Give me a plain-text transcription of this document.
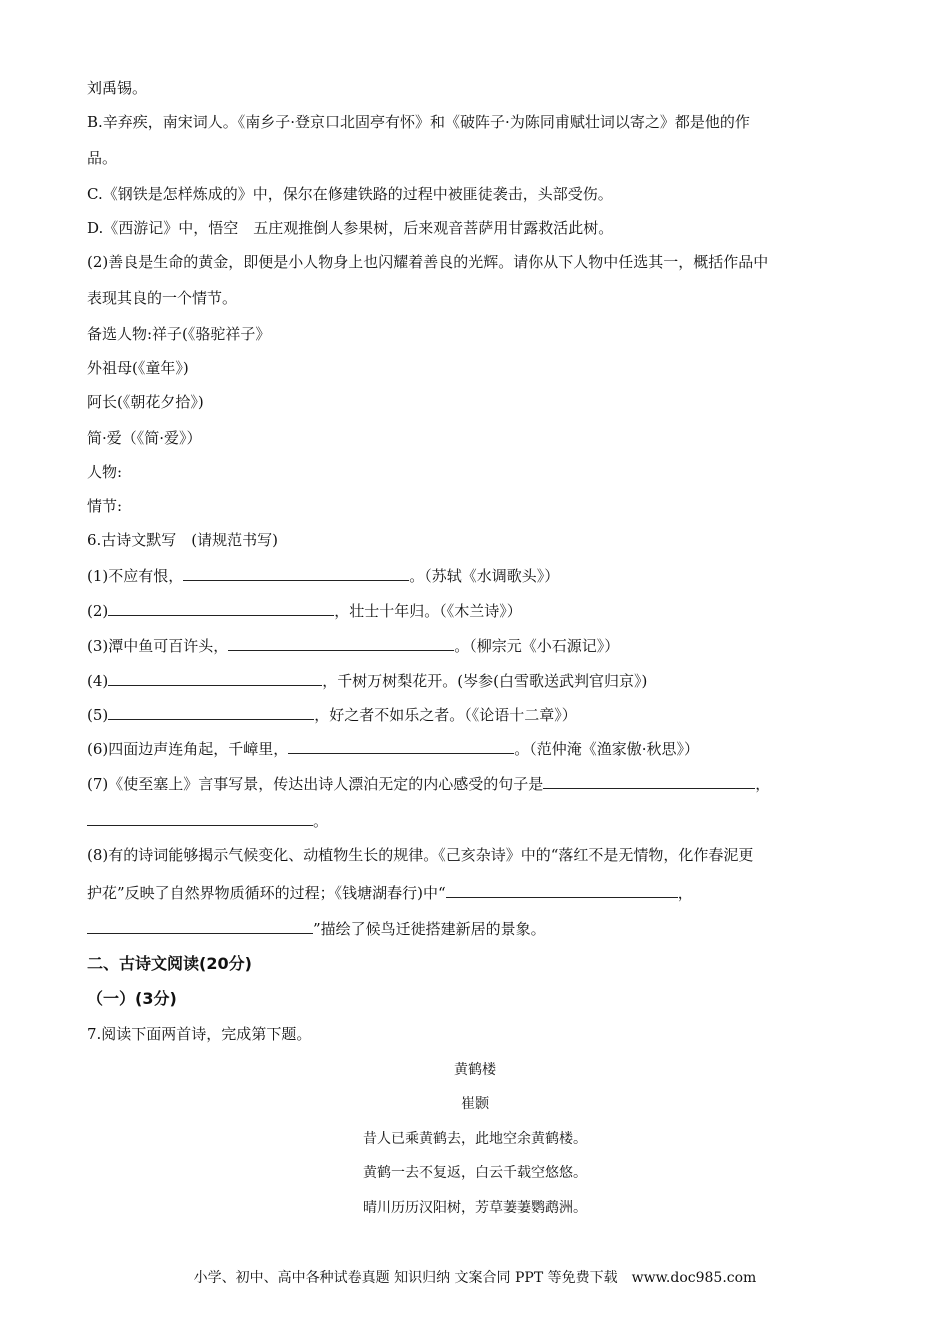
刘禹锡。
B.辛弃疾，南宋词人。《南乡子·登京口北固亭有怀》和《破阵子·为陈同甫赋壮词以寄之》都是他的作
品。
C.《钢铁是怎样炼成的》中，保尔在修建铁路的过程中被匪徒袭击，头部受伤。
D.《西游记》中，悟空　五庄观推倒人参果树，后来观音菩萨用甘露救活此树。
(2)善良是生命的黄金，即便是小人物身上也闪耀着善良的光辉。请你从下人物中任选其一，概括作品中
表现其良的一个情节。
备选人物:祥子(《骆驼祥子》
外祖母(《童年》)
阿长(《朝花夕拾》)
简·爱（《简·爱》）
人物:
情节:
6.古诗文默写　(请规范书写)
(1)不应有恨，	。（苏轼《水调歌头》）
(2)	，壮士十年归。（《木兰诗》）
(3)潭中鱼可百许头，	。（柳宗元《小石源记》）
(4)	，千树万树梨花开。(岑参(白雪歌送武判官归京》)
(5)	，好之者不如乐之者。（《论语十二章》）
(6)四面边声连角起，千嶂里，	。（范仲淹《渔家傲·秋思》）
(7)《使至塞上》言事写景，传达出诗人漂泊无定的内心感受的句子是	，
。
(8)有的诗词能够揭示气候变化、动植物生长的规律。《己亥杂诗》中的“落红不是无情物，化作春泥更
护花”反映了自然界物质循环的过程；《钱塘湖春行)中“	，
”描绘了候鸟迁徙搭建新居的景象。
二、古诗文阅读(20分)
（一）(3分)
7.阅读下面两首诗，完成第下题。
黄鹤楼
崔颢
昔人已乘黄鹤去，此地空余黄鹤楼。
黄鹤一去不复返，白云千载空悠悠。
晴川历历汉阳树，芳草萋萋鹦鹉洲。
小学、初中、高中各种试卷真题 知识归纳 文案合同 PPT 等免费下载　www.doc985.com
